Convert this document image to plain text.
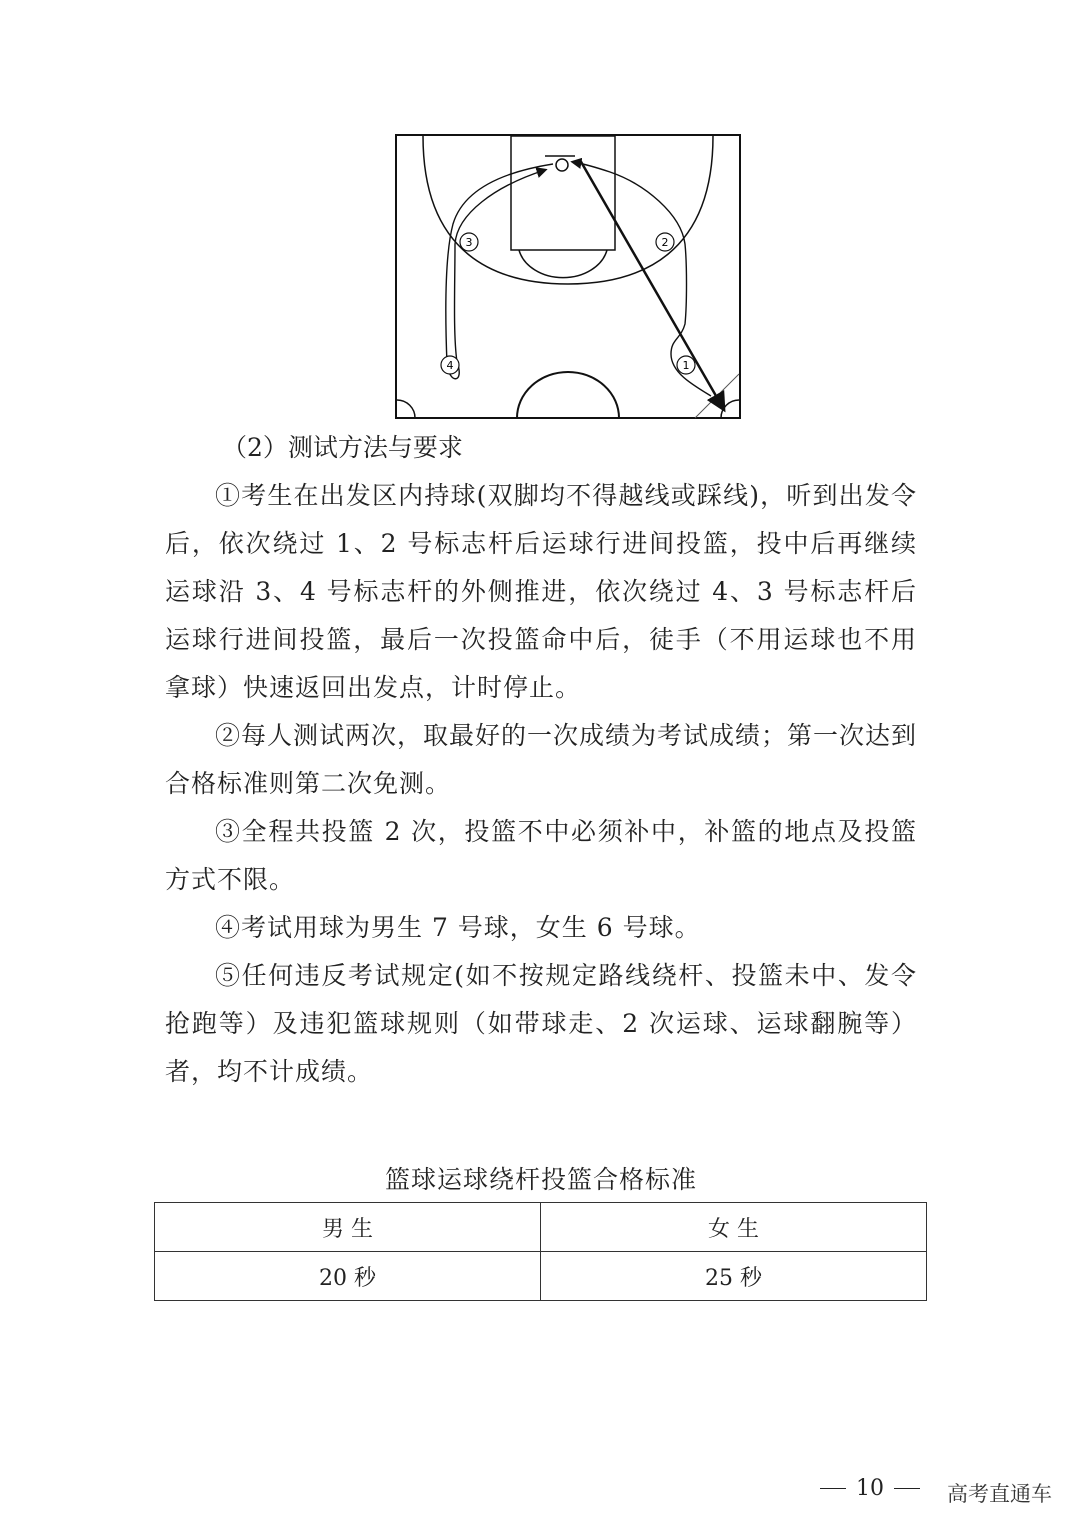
1
2
3
4

（2）测试方法与要求

①考生在出发区内持球(双脚均不得越线或踩线)，听到出发令后，依次绕过 1、2 号标志杆后运球行进间投篮，投中后再继续运球沿 3、4 号标志杆的外侧推进，依次绕过 4、3 号标志杆后运球行进间投篮，最后一次投篮命中后，徒手（不用运球也不用拿球）快速返回出发点，计时停止。

②每人测试两次，取最好的一次成绩为考试成绩；第一次达到合格标准则第二次免测。

③全程共投篮 2 次，投篮不中必须补中，补篮的地点及投篮方式不限。

④考试用球为男生 7 号球，女生 6 号球。

⑤任何违反考试规定(如不按规定路线绕杆、投篮未中、发令抢跑等）及违犯篮球规则（如带球走、2 次运球、运球翻腕等）者，均不计成绩。

篮球运球绕杆投篮合格标准
男 生	女 生
20 秒	25 秒
10	高考直通车
